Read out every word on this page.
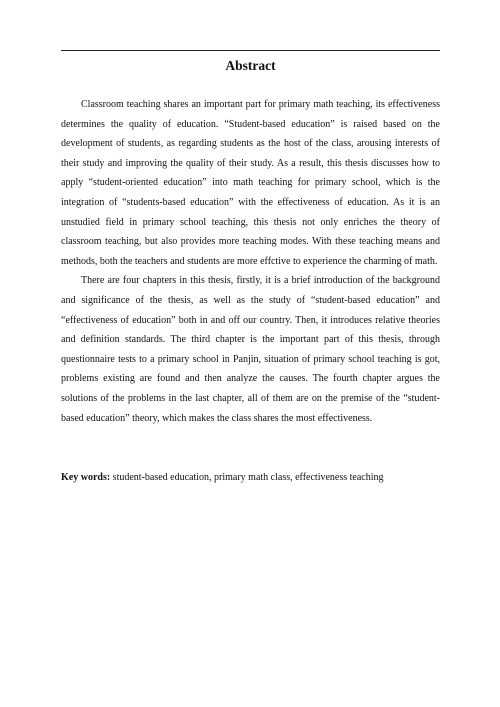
Abstract

Classroom teaching shares an important part for primary math teaching, its effectiveness determines the quality of education. “Student-based education” is raised based on the development of students, as regarding students as the host of the class, arousing interests of their study and improving the quality of their study. As a result, this thesis discusses how to apply “student-oriented education” into math teaching for primary school, which is the integration of “students-based education” with the effectiveness of education. As it is an unstudied field in primary school teaching, this thesis not only enriches the theory of classroom teaching, but also provides more teaching modes. With these teaching means and methods, both the teachers and students are more effctive to experience the charming of math.

There are four chapters in this thesis, firstly, it is a brief introduction of the background and significance of the thesis, as well as the study of “student-based education” and “effectiveness of education” both in and off our country. Then, it introduces relative theories and definition standards. The third chapter is the important part of this thesis, through questionnaire tests to a primary school in Panjin, situation of primary school teaching is got, problems existing are found and then analyze the causes. The fourth chapter argues the solutions of the problems in the last chapter, all of them are on the premise of the “student-based education” theory, which makes the class shares the most effectiveness.

Key words: student-based education, primary math class, effectiveness teaching
